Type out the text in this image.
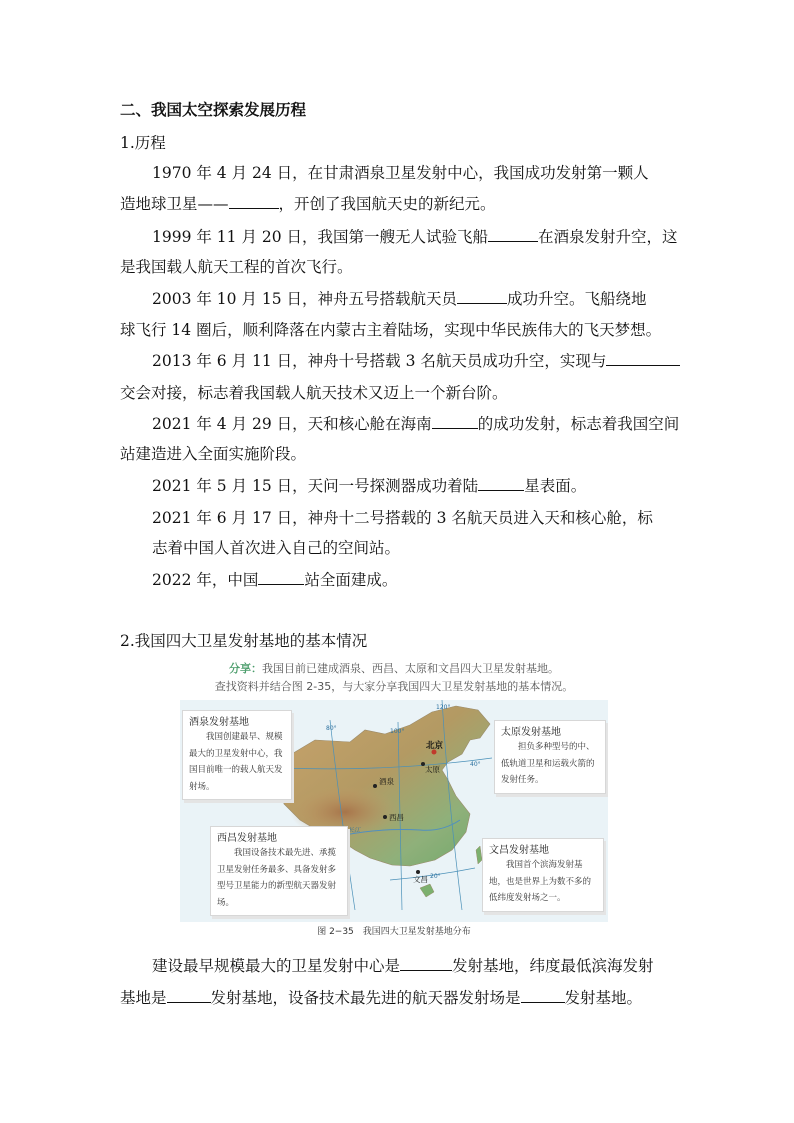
二、我国太空探索发展历程
1.历程
1970 年 4 月 24 日，在甘肃酒泉卫星发射中心，我国成功发射第一颗人
造地球卫星——	，开创了我国航天史的新纪元。
1999 年 11 月 20 日，我国第一艘无人试验飞船	在酒泉发射升空，这
是我国载人航天工程的首次飞行。
2003 年 10 月 15 日，神舟五号搭载航天员	成功升空。飞船绕地
球飞行 14 圈后，顺利降落在内蒙古主着陆场，实现中华民族伟大的飞天梦想。
2013 年 6 月 11 日，神舟十号搭载 3 名航天员成功升空，实现与
交会对接，标志着我国载人航天技术又迈上一个新台阶。
2021 年 4 月 29 日，天和核心舱在海南	的成功发射，标志着我国空间
站建造进入全面实施阶段。
2021 年 5 月 15 日，天问一号探测器成功着陆	星表面。
2021 年 6 月 17 日，神舟十二号搭载的 3 名航天员进入天和核心舱，标
志着中国人首次进入自己的空间站。
2022 年，中国	站全面建成。
2.我国四大卫星发射基地的基本情况
分享：我国目前已建成酒泉、西昌、太原和文昌四大卫星发射基地。
查找资料并结合图 2-35，与大家分享我国四大卫星发射基地的基本情况。
酒泉
北京
太原
西昌
文昌
120°
100°
80°
40°
20°
长江
酒泉发射基地
我国创建最早、规模最大的卫星发射中心，我国目前唯一的载人航天发射场。
太原发射基地
担负多种型号的中、低轨道卫星和运载火箭的发射任务。
西昌发射基地
我国设备技术最先进、承揽卫星发射任务最多、具备发射多型号卫星能力的新型航天器发射场。
文昌发射基地
我国首个滨海发射基地，也是世界上为数不多的低纬度发射场之一。
图 2−35　我国四大卫星发射基地分布
建设最早规模最大的卫星发射中心是	发射基地，纬度最低滨海发射
基地是	发射基地，设备技术最先进的航天器发射场是	发射基地。
